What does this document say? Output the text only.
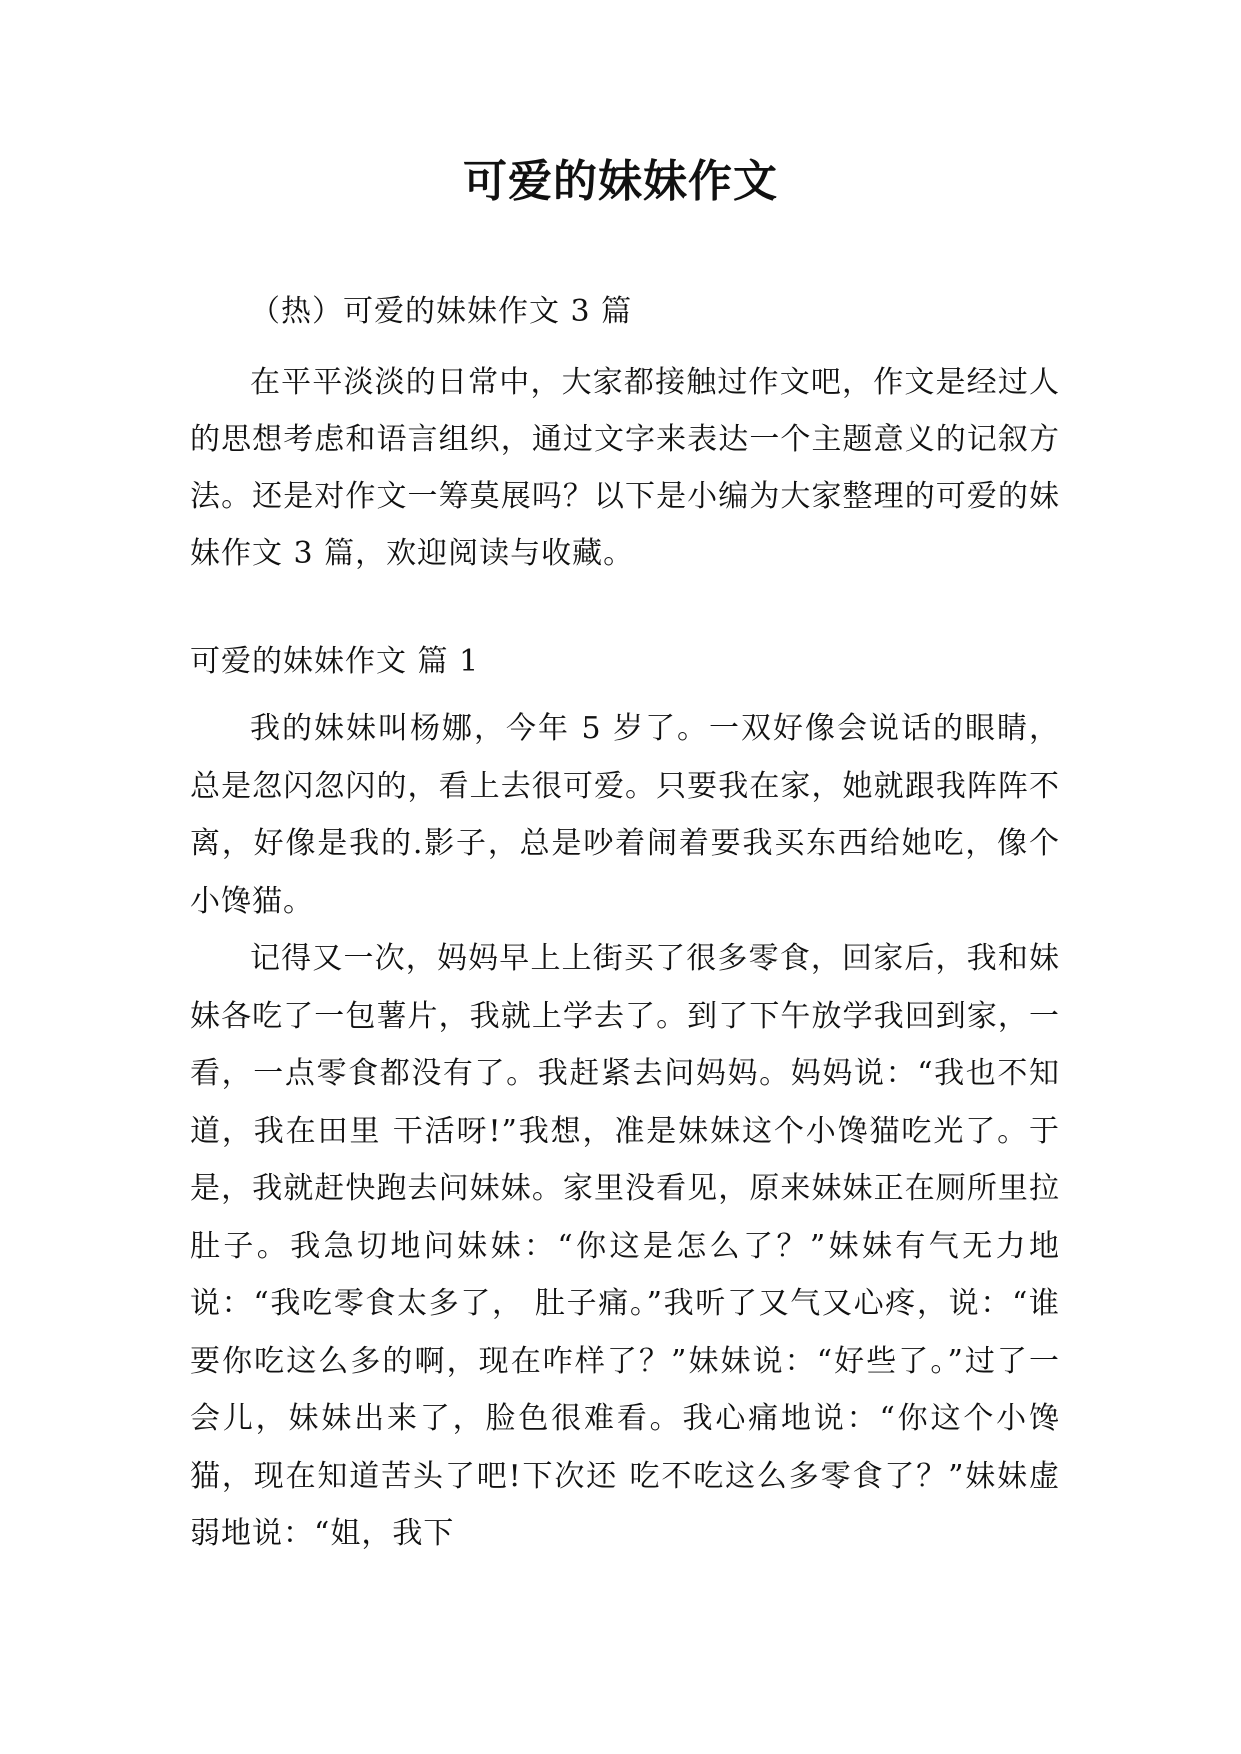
可爱的妹妹作文

（热）可爱的妹妹作文 3 篇

在平平淡淡的日常中，大家都接触过作文吧，作文是经过人的思想考虑和语言组织，通过文字来表达一个主题意义的记叙方法。还是对作文一筹莫展吗？以下是小编为大家整理的可爱的妹妹作文 3 篇，欢迎阅读与收藏。

可爱的妹妹作文 篇 1

我的妹妹叫杨娜，今年 5 岁了。一双好像会说话的眼睛，总是忽闪忽闪的，看上去很可爱。只要我在家，她就跟我阵阵不离，好像是我的.影子，总是吵着闹着要我买东西给她吃，像个小馋猫。

记得又一次，妈妈早上上街买了很多零食，回家后，我和妹妹各吃了一包薯片，我就上学去了。到了下午放学我回到家，一看，一点零食都没有了。我赶紧去问妈妈。妈妈说：“我也不知道，我在田里 干活呀!”我想，准是妹妹这个小馋猫吃光了。于是，我就赶快跑去问妹妹。家里没看见，原来妹妹正在厕所里拉肚子。我急切地问妹妹：“你这是怎么了？”妹妹有气无力地说：“我吃零食太多了， 肚子痛。”我听了又气又心疼，说：“谁要你吃这么多的啊，现在咋样了？”妹妹说：“好些了。”过了一会儿，妹妹出来了，脸色很难看。我心痛地说：“你这个小馋猫，现在知道苦头了吧!下次还 吃不吃这么多零食了？”妹妹虚弱地说：“姐，我下
